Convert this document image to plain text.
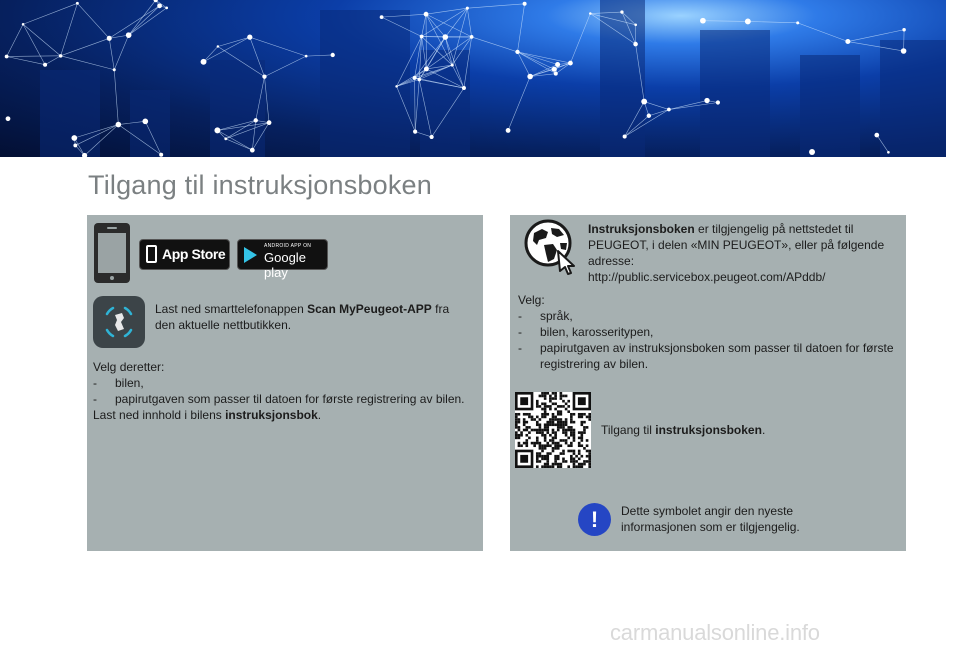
Tilgang til instruksjonsboken
App Store	ANDROID APP ON
Google play
Last ned smarttelefonappen Scan MyPeugeot-APP fra den aktuelle nettbutikken.
Velg deretter:
- bilen,
- papirutgaven som passer til datoen for første registrering av bilen.
Last ned innhold i bilens instruksjonsbok.
Instruksjonsboken er tilgjengelig på nettstedet til PEUGEOT, i delen «MIN PEUGEOT», eller på følgende adresse:
http://public.servicebox.peugeot.com/APddb/
Velg:
- språk,
- bilen, karosseritypen,
- papirutgaven av instruksjonsboken som passer til datoen for første registrering av bilen.
Tilgang til instruksjonsboken.
!	Dette symbolet angir den nyeste informasjonen som er tilgjengelig.
carmanualsonline.info
